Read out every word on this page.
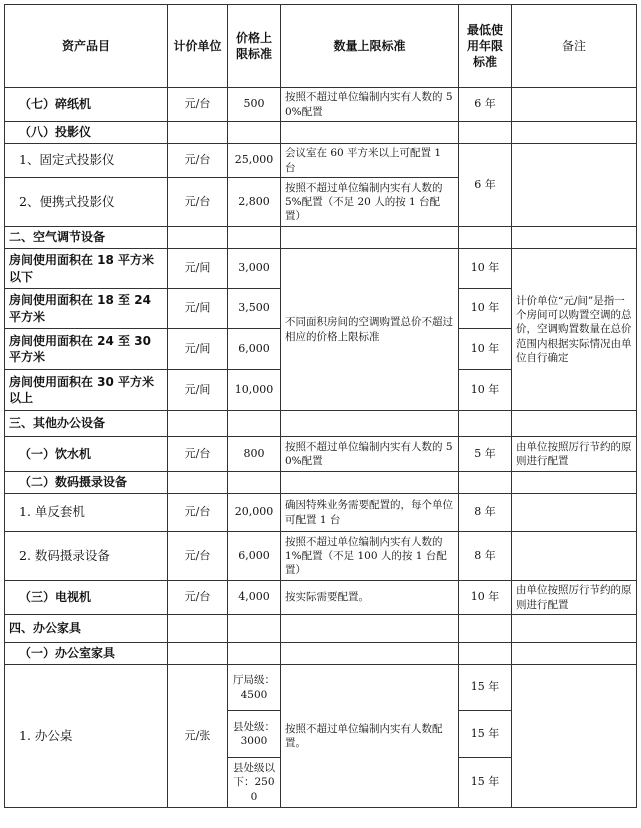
资产品目	计价单位	价格上限标准	数量上限标准	最低使用年限标准	备注
（七）碎纸机	元/台	500	按照不超过单位编制内实有人数的 50%配置	6 年	
（八）投影仪					
1、固定式投影仪	元/台	25,000	会议室在 60 平方米以上可配置 1 台	6 年	
2、便携式投影仪	元/台	2,800	按照不超过单位编制内实有人数的 5%配置（不足 20 人的按 1 台配置）		
二、空气调节设备					
房间使用面积在 18 平方米以下	元/间	3,000	不同面积房间的空调购置总价不超过相应的价格上限标准	10 年	计价单位“元/间”是指一个房间可以购置空调的总价，空调购置数量在总价范围内根据实际情况由单位自行确定
房间使用面积在 18 至 24 平方米	元/间	3,500		10 年	
房间使用面积在 24 至 30 平方米	元/间	6,000		10 年	
房间使用面积在 30 平方米以上	元/间	10,000		10 年	
三、其他办公设备					
（一）饮水机	元/台	800	按照不超过单位编制内实有人数的 50%配置	5 年	由单位按照厉行节约的原则进行配置
（二）数码摄录设备					
1. 单反套机	元/台	20,000	确因特殊业务需要配置的，每个单位可配置 1 台	8 年	
2. 数码摄录设备	元/台	6,000	按照不超过单位编制内实有人数的 1%配置（不足 100 人的按 1 台配置）	8 年	
（三）电视机	元/台	4,000	按实际需要配置。	10 年	由单位按照厉行节约的原则进行配置
四、办公家具					
（一）办公室家具					
1. 办公桌	元/张	厅局级：4500	按照不超过单位编制内实有人数配置。	15 年	
		县处级：3000		15 年	
		县处级以下：2500		15 年	
